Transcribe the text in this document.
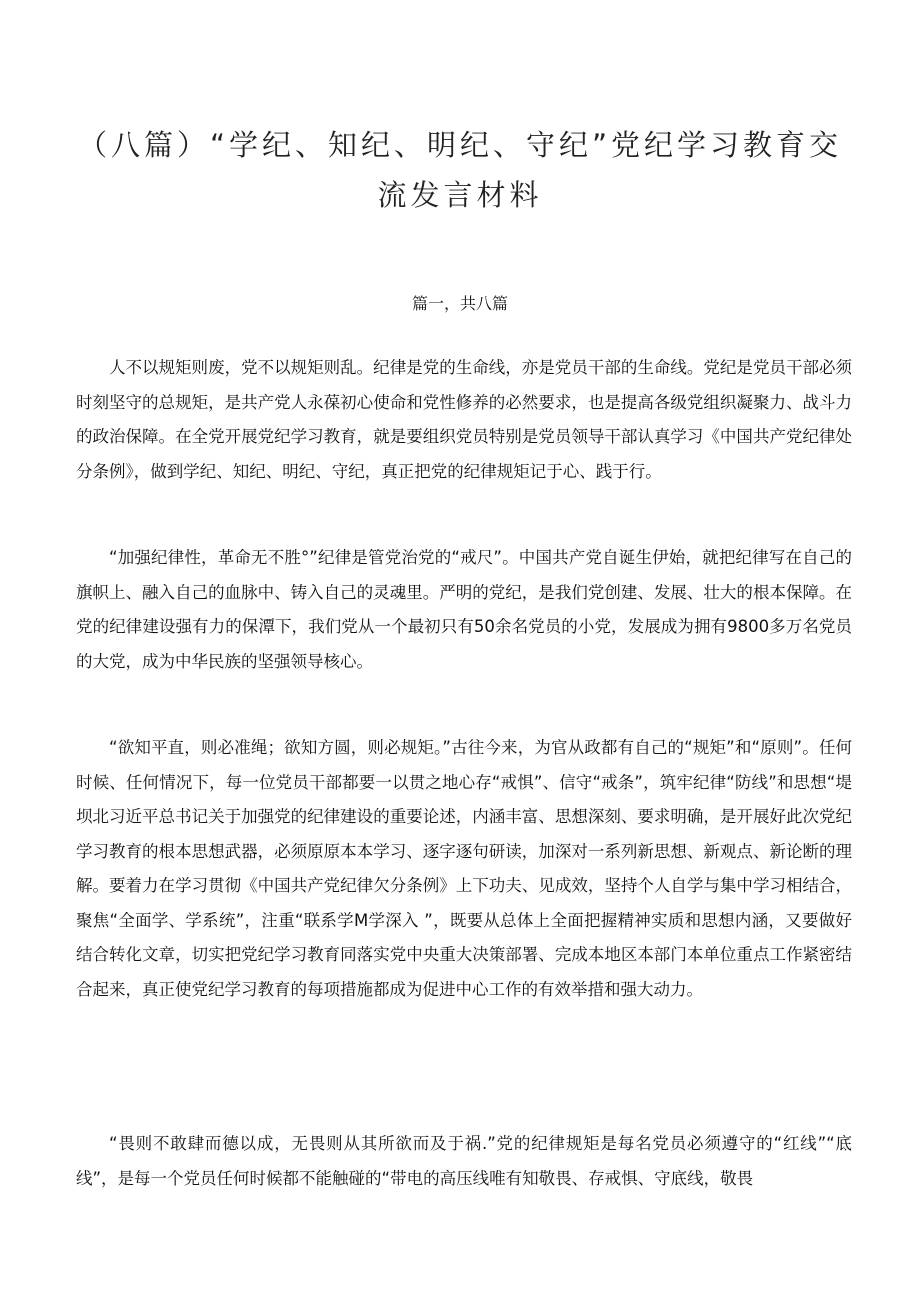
（八篇）“学纪、知纪、明纪、守纪”党纪学习教育交流发言材料

篇一，共八篇

人不以规矩则废，党不以规矩则乱。纪律是党的生命线，亦是党员干部的生命线。党纪是党员干部必须时刻坚守的总规矩，是共产党人永葆初心使命和党性修养的必然要求，也是提高各级党组织凝聚力、战斗力的政治保障。在全党开展党纪学习教育，就是要组织党员特别是党员领导干部认真学习《中国共产党纪律处分条例》，做到学纪、知纪、明纪、守纪，真正把党的纪律规矩记于心、践于行。

“加强纪律性，革命无不胜°”纪律是管党治党的“戒尺”。中国共产党自诞生伊始，就把纪律写在自己的旗帜上、融入自己的血脉中、铸入自己的灵魂里。严明的党纪，是我们党创建、发展、壮大的根本保障。在党的纪律建设强有力的保潭下，我们党从一个最初只有50余名党员的小党，发展成为拥有9800多万名党员的大党，成为中华民族的坚强领导核心。

“欲知平直，则必准绳；欲知方圆，则必规矩。”古往今来，为官从政都有自己的“规矩”和“原则”。任何时候、任何情况下，每一位党员干部都要一以贯之地心存“戒惧”、信守“戒条”，筑牢纪律“防线”和思想“堤坝北习近平总书记关于加强党的纪律建设的重要论述，内涵丰富、思想深刻、要求明确，是开展好此次党纪学习教育的根本思想武器，必须原原本本学习、逐字逐句研读，加深对一系列新思想、新观点、新论断的理解。要着力在学习贯彻《中国共产党纪律欠分条例》上下功夫、见成效，坚持个人自学与集中学习相结合，聚焦“全面学、学系统”，注重“联系学M学深入 ”，既要从总体上全面把握精神实质和思想内涵，又要做好结合转化文章，切实把党纪学习教育同落实党中央重大决策部署、完成本地区本部门本单位重点工作紧密结合起来，真正使党纪学习教育的每项措施都成为促进中心工作的有效举措和强大动力。

“畏则不敢肆而德以成，无畏则从其所欲而及于祸.”党的纪律规矩是每名党员必须遵守的“红线”“底线”，是每一个党员任何时候都不能触碰的“带电的高压线唯有知敬畏、存戒惧、守底线，敬畏
